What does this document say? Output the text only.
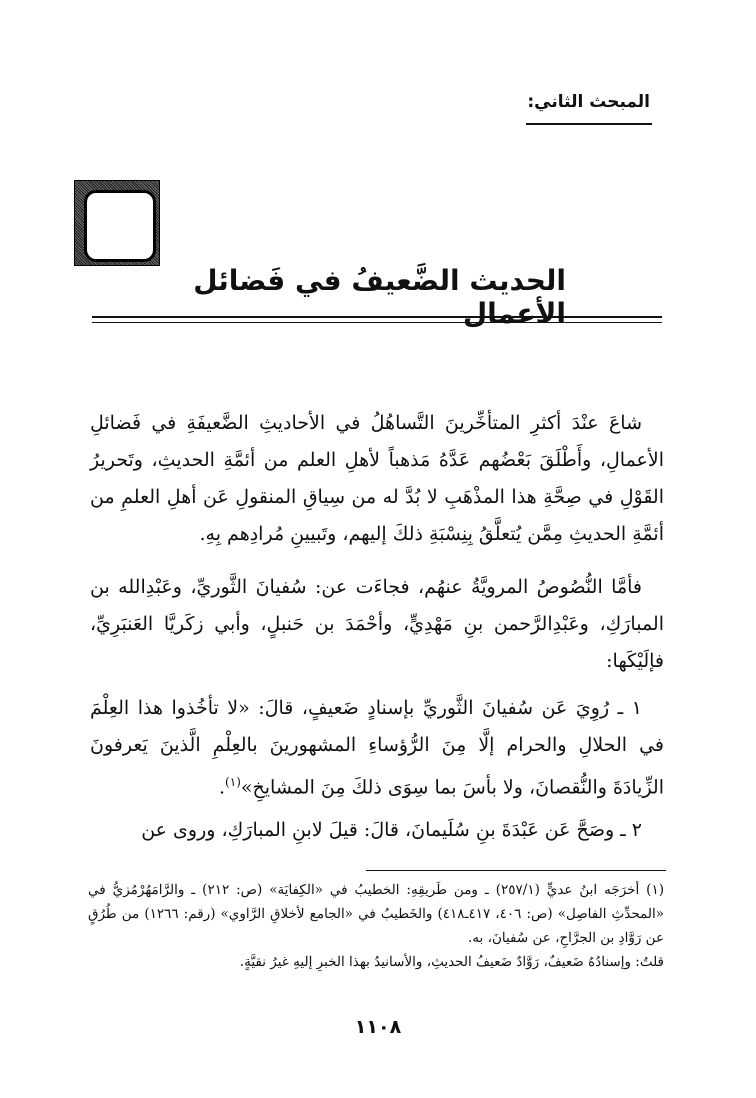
المبحث الثاني:
الحديث الضَّعيفُ في فَضائل الأعمال

شاعَ عنْدَ أكثرِ المتأخِّرينَ التَّساهُلُ في الأحاديثِ الضَّعيفَةِ في فَضائلِ الأعمالِ، وأَطْلَقَ بَعْضُهم عَدَّهُ مَذهباً لأهلِ العلم من أئمَّةِ الحديثِ، وتَحريرُ القَوْلِ في صِحَّةِ هذا المذْهَبِ لا بُدَّ له من سِياقِ المنقولِ عَن أهلِ العلمِ من أئمَّةِ الحديثِ مِمَّن يُتعلَّقُ بِنِسْبَةِ ذلكَ إليهم، وتَبيينِ مُرادِهم بِهِ.

فأمَّا النُّصُوصُ المرويَّةُ عنهُم، فجاءَت عن: سُفيانَ الثَّوريِّ، وعَبْدِالله بن المبارَكِ، وعَبْدِالرَّحمن بنِ مَهْدِيٍّ، وأحْمَدَ بن حَنبلٍ، وأبي زكَريَّا العَنبَرِيِّ، فإلَيْكَها:

١ ـ رُوِيَ عَن سُفيانَ الثَّوريِّ بإسنادٍ ضَعيفٍ، قالَ: «لا تأخُذوا هذا العِلْمَ في الحلالِ والحرام إلَّا مِنَ الرُّؤساءِ المشهورينَ بالعِلْمِ الَّذينَ يَعرفونَ الزِّيادَةَ والنُّقصانَ، ولا بأسَ بما سِوَى ذلكَ مِنَ المشايخِ»$^{(١)}$.

٢ ـ وصَحَّ عَن عَبْدَةَ بنِ سُلَيمانَ، قالَ: قيلَ لابنِ المبارَكِ، وروى عن

(١) أخرَجَه ابنُ عديٍّ (٢٥٧/١) ـ ومن طَريقِهِ: الخطيبُ في «الكِفايَة» (ص: ٢١٢) ـ والرَّامَهُرْمُزيُّ في «المحدِّثِ الفاصِل» (ص: ٤٠٦، ٤١٧ـ٤١٨) والخَطيبُ في «الجامع لأخلاقِ الرَّاوي» (رقم: ١٢٦٦) من طُرُقٍ عن رَوَّادِ بن الجرَّاحِ، عن سُفيانَ، به.
قلتُ: وإسنادُهُ ضَعيفٌ، رَوَّادٌ ضَعيفُ الحديثِ، والأسانيدُ بهذا الخبرِ إليهِ غيرُ نقيَّةٍ.
١١٠٨
